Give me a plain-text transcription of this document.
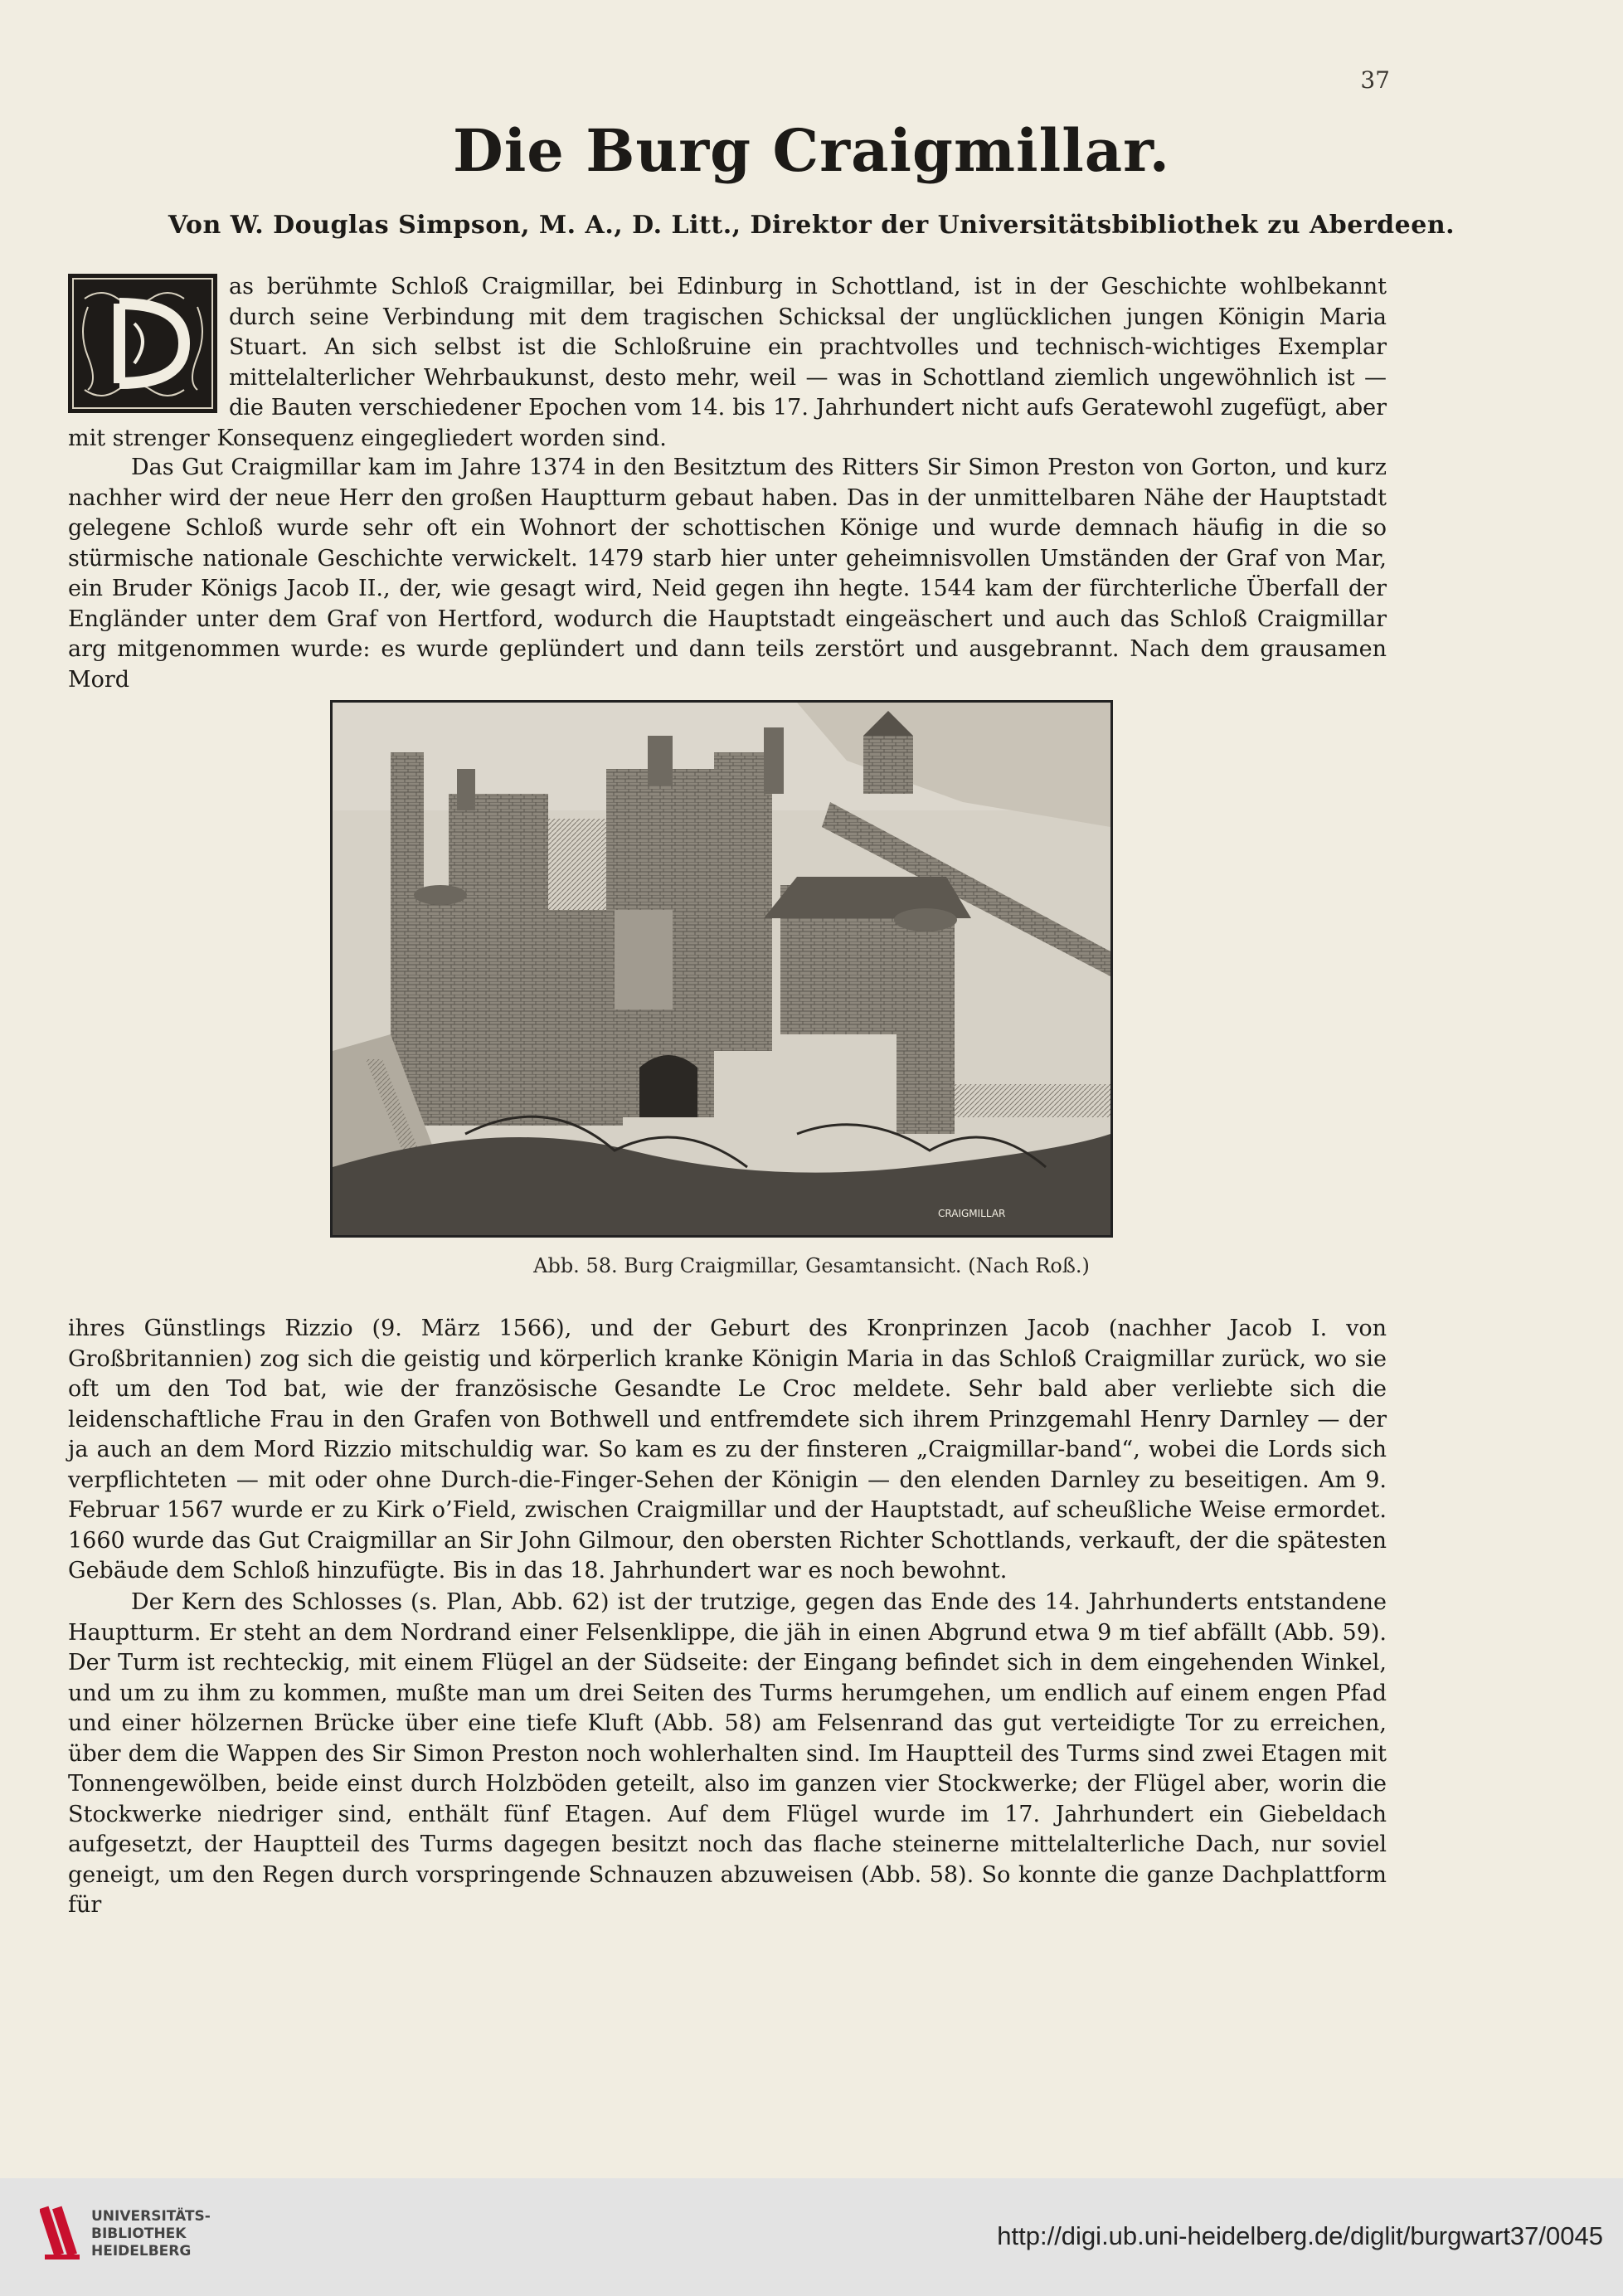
37
Die Burg Craigmillar.
Von W. Douglas Simpson, M. A., D. Litt., Direktor der Universitätsbibliothek zu Aberdeen.
as berühmte Schloß Craigmillar, bei Edinburg in Schottland, ist in der Geschichte wohlbekannt durch seine Verbindung mit dem tragischen Schicksal der unglücklichen jungen Königin Maria Stuart. An sich selbst ist die Schloßruine ein prachtvolles und technisch-wichtiges Exemplar mittelalterlicher Wehrbaukunst, desto mehr, weil — was in Schottland ziemlich ungewöhnlich ist — die Bauten verschiedener Epochen vom 14. bis 17. Jahrhundert nicht aufs Geratewohl zugefügt, aber mit strenger Konsequenz eingegliedert worden sind.

Das Gut Craigmillar kam im Jahre 1374 in den Besitztum des Ritters Sir Simon Preston von Gorton, und kurz nachher wird der neue Herr den großen Hauptturm gebaut haben. Das in der unmittelbaren Nähe der Hauptstadt gelegene Schloß wurde sehr oft ein Wohnort der schottischen Könige und wurde demnach häufig in die so stürmische nationale Geschichte verwickelt. 1479 starb hier unter geheimnisvollen Umständen der Graf von Mar, ein Bruder Königs Jacob II., der, wie gesagt wird, Neid gegen ihn hegte. 1544 kam der fürchterliche Überfall der Engländer unter dem Graf von Hertford, wodurch die Hauptstadt eingeäschert und auch das Schloß Craigmillar arg mitgenommen wurde: es wurde geplündert und dann teils zerstört und ausgebrannt. Nach dem grausamen Mord

CRAIGMILLAR
Abb. 58. Burg Craigmillar, Gesamtansicht. (Nach Roß.)

ihres Günstlings Rizzio (9. März 1566), und der Geburt des Kronprinzen Jacob (nachher Jacob I. von Großbritannien) zog sich die geistig und körperlich kranke Königin Maria in das Schloß Craigmillar zurück, wo sie oft um den Tod bat, wie der französische Gesandte Le Croc meldete. Sehr bald aber verliebte sich die leidenschaftliche Frau in den Grafen von Bothwell und entfremdete sich ihrem Prinzgemahl Henry Darnley — der ja auch an dem Mord Rizzio mitschuldig war. So kam es zu der finsteren „Craigmillar-band“, wobei die Lords sich verpflichteten — mit oder ohne Durch-die-Finger-Sehen der Königin — den elenden Darnley zu beseitigen. Am 9. Februar 1567 wurde er zu Kirk o’Field, zwischen Craigmillar und der Hauptstadt, auf scheußliche Weise ermordet. 1660 wurde das Gut Craigmillar an Sir John Gilmour, den obersten Richter Schottlands, verkauft, der die spätesten Gebäude dem Schloß hinzufügte. Bis in das 18. Jahrhundert war es noch bewohnt.

Der Kern des Schlosses (s. Plan, Abb. 62) ist der trutzige, gegen das Ende des 14. Jahrhunderts entstandene Hauptturm. Er steht an dem Nordrand einer Felsenklippe, die jäh in einen Abgrund etwa 9 m tief abfällt (Abb. 59). Der Turm ist rechteckig, mit einem Flügel an der Südseite: der Eingang befindet sich in dem eingehenden Winkel, und um zu ihm zu kommen, mußte man um drei Seiten des Turms herumgehen, um endlich auf einem engen Pfad und einer hölzernen Brücke über eine tiefe Kluft (Abb. 58) am Felsenrand das gut verteidigte Tor zu erreichen, über dem die Wappen des Sir Simon Preston noch wohlerhalten sind. Im Hauptteil des Turms sind zwei Etagen mit Tonnengewölben, beide einst durch Holzböden geteilt, also im ganzen vier Stockwerke; der Flügel aber, worin die Stockwerke niedriger sind, enthält fünf Etagen. Auf dem Flügel wurde im 17. Jahrhundert ein Giebeldach aufgesetzt, der Hauptteil des Turms dagegen besitzt noch das flache steinerne mittelalterliche Dach, nur soviel geneigt, um den Regen durch vorspringende Schnauzen abzuweisen (Abb. 58). So konnte die ganze Dachplattform für

UNIVERSITÄTS-
BIBLIOTHEK
HEIDELBERG
http://digi.ub.uni-heidelberg.de/diglit/burgwart37/0045
